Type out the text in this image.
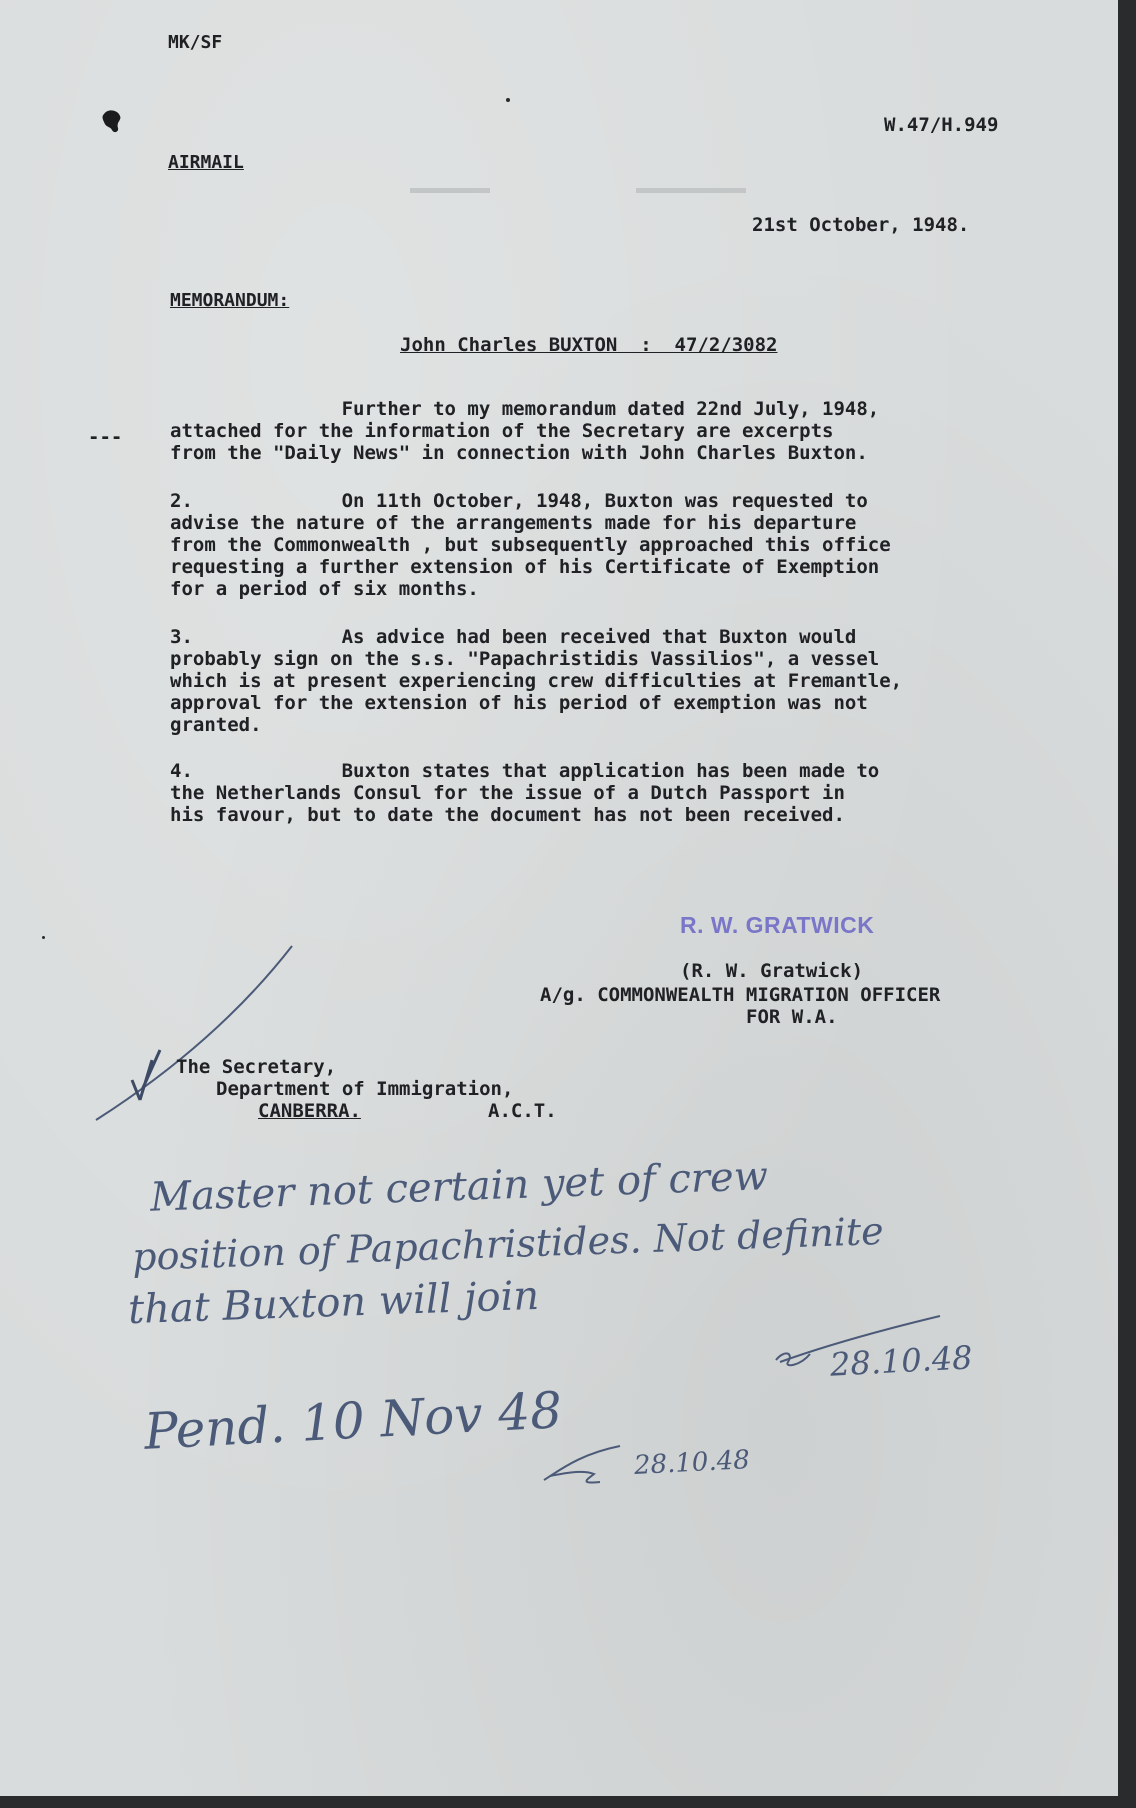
MK/SF
W.47/H.949
AIRMAIL
21st October, 1948.
MEMORANDUM:
John Charles BUXTON  :  47/2/3082
---
Further to my memorandum dated 22nd July, 1948,
attached for the information of the Secretary are excerpts
from the "Daily News" in connection with John Charles Buxton.
2.             On 11th October, 1948, Buxton was requested to
advise the nature of the arrangements made for his departure
from the Commonwealth , but subsequently approached this office
requesting a further extension of his Certificate of Exemption
for a period of six months.
3.             As advice had been received that Buxton would
probably sign on the s.s. "Papachristidis Vassilios", a vessel
which is at present experiencing crew difficulties at Fremantle,
approval for the extension of his period of exemption was not
granted.
4.             Buxton states that application has been made to
the Netherlands Consul for the issue of a Dutch Passport in
his favour, but to date the document has not been received.
R. W. GRATWICK
(R. W. Gratwick)
A/g. COMMONWEALTH MIGRATION OFFICER
FOR W.A.
The Secretary,
Department of Immigration,
CANBERRA.	A.C.T.
Master not certain yet of crew
position of Papachristides. Not definite
that Buxton will join
28.10.48
Pend. 10 Nov 48
28.10.48
